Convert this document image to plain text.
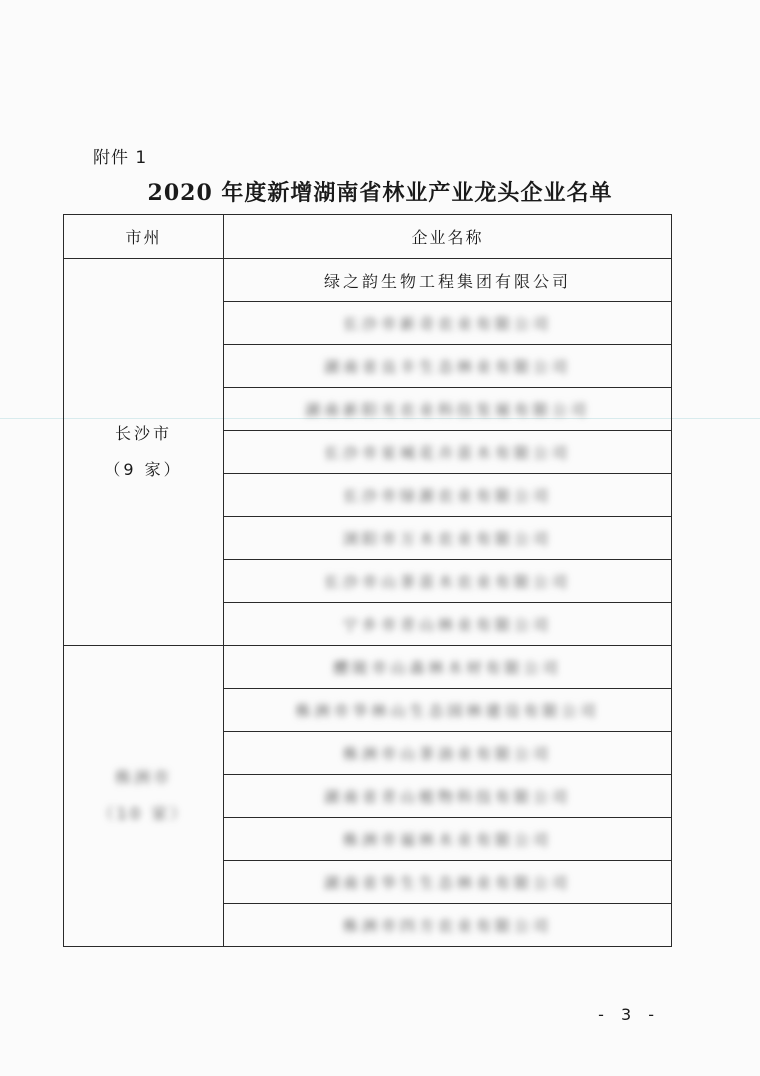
附件 1
2020 年度新增湖南省林业产业龙头企业名单
市州	企业名称

长沙市
（9 家）	绿之韵生物工程集团有限公司
	长沙市新奇农业有限公司
	湖南省良丰生态林业有限公司
	湖南新阳光农业科技发展有限公司
	长沙市星城花卉苗木有限公司
	长沙市绿源农业有限公司
	浏阳市万木农业有限公司
	长沙市山茶苗木农业有限公司
	宁乡市青山林业有限公司

株洲市
（10 家）	醴陵市山森林木材有限公司
	株洲市华林山生态园林建设有限公司
	株洲市山茶油业有限公司
	湖南省青山植物科技有限公司
	株洲市福林木业有限公司
	湖南省华生生态林业有限公司
	株洲市四方农业有限公司
- 3 -
